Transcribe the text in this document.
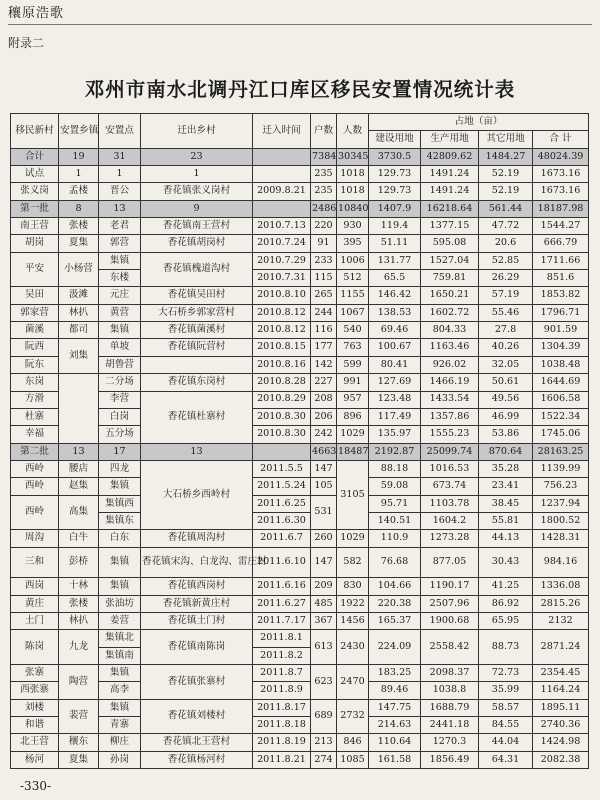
穰原浩歌
附录二
邓州市南水北调丹江口库区移民安置情况统计表
移民新村	安置乡镇	安置点	迁出乡村	迁入时间	户数	人数	占地（亩）			
							建设用地	生产用地	其它用地	合 计
合计	19	31	23		7384	30345	3730.5	42809.62	1484.27	48024.39
试点	1	1	1		235	1018	129.73	1491.24	52.19	1673.16
张义岗	孟楼	晋公	香花镇张义岗村	2009.8.21	235	1018	129.73	1491.24	52.19	1673.16
第一批	8	13	9		2486	10840	1407.9	16218.64	561.44	18187.98
南王营	张楼	老君	香花镇南王营村	2010.7.13	220	930	119.4	1377.15	47.72	1544.27
胡岗	夏集	郭营	香花镇胡岗村	2010.7.24	91	395	51.11	595.08	20.6	666.79
平安	小杨营	集镇	香花镇槐道沟村	2010.7.29	233	1006	131.77	1527.04	52.85	1711.66
		东楼		2010.7.31	115	512	65.5	759.81	26.29	851.6
吴田	汲滩	元庄	香花镇吴田村	2010.8.10	265	1155	146.42	1650.21	57.19	1853.82
郭家营	林扒	黄营	大石桥乡郭家营村	2010.8.12	244	1067	138.53	1602.72	55.46	1796.71
菌溪	都司	集镇	香花镇菌溪村	2010.8.12	116	540	69.46	804.33	27.8	901.59
阮西	刘集	单坡	香花镇阮营村	2010.8.15	177	763	100.67	1163.46	40.26	1304.39
阮东		胡鲁营		2010.8.16	142	599	80.41	926.02	32.05	1038.48
东岗		二分场	香花镇东岗村	2010.8.28	227	991	127.69	1466.19	50.61	1644.69
方滑		李营	香花镇杜寨村	2010.8.29	208	957	123.48	1433.54	49.56	1606.58
杜寨		白岗		2010.8.30	206	896	117.49	1357.86	46.99	1522.34
幸福		五分场		2010.8.30	242	1029	135.97	1555.23	53.86	1745.06
第二批	13	17	13		4663	18487	2192.87	25099.74	870.64	28163.25
西岭	腰店	四龙	大石桥乡西岭村	2011.5.5	147	3105	88.18	1016.53	35.28	1139.99
西岭	赵集	集镇		2011.5.24	105		59.08	673.74	23.41	756.23
西岭	高集	集镇西		2011.6.25	531		95.71	1103.78	38.45	1237.94
		集镇东		2011.6.30			140.51	1604.2	55.81	1800.52
周沟	白牛	白东	香花镇周沟村	2011.6.7	260	1029	110.9	1273.28	44.13	1428.31
三和	彭桥	集镇	香花镇宋沟、白龙沟、雷庄村	2011.6.10	147	582	76.68	877.05	30.43	984.16
西岗	十林	集镇	香花镇西岗村	2011.6.16	209	830	104.66	1190.17	41.25	1336.08
黄庄	张楼	张油坊	香花镇新黄庄村	2011.6.27	485	1922	220.38	2507.96	86.92	2815.26
土门	林扒	姜营	香花镇土门村	2011.7.17	367	1456	165.37	1900.68	65.95	2132
陈岗	九龙	集镇北	香花镇南陈岗	2011.8.1	613	2430	224.09	2558.42	88.73	2871.24
		集镇南		2011.8.2						
张寨	陶营	集镇	香花镇张寨村	2011.8.7	623	2470	183.25	2098.37	72.73	2354.45
西张寨		高李		2011.8.9			89.46	1038.8	35.99	1164.24
刘楼	裴营	集镇	香花镇刘楼村	2011.8.17	689	2732	147.75	1688.79	58.57	1895.11
和谐		青寨		2011.8.18			214.63	2441.18	84.55	2740.36
北王营	穰东	柳庄	香花镇北王营村	2011.8.19	213	846	110.64	1270.3	44.04	1424.98
杨河	夏集	孙岗	香花镇杨河村	2011.8.21	274	1085	161.58	1856.49	64.31	2082.38
-330-
